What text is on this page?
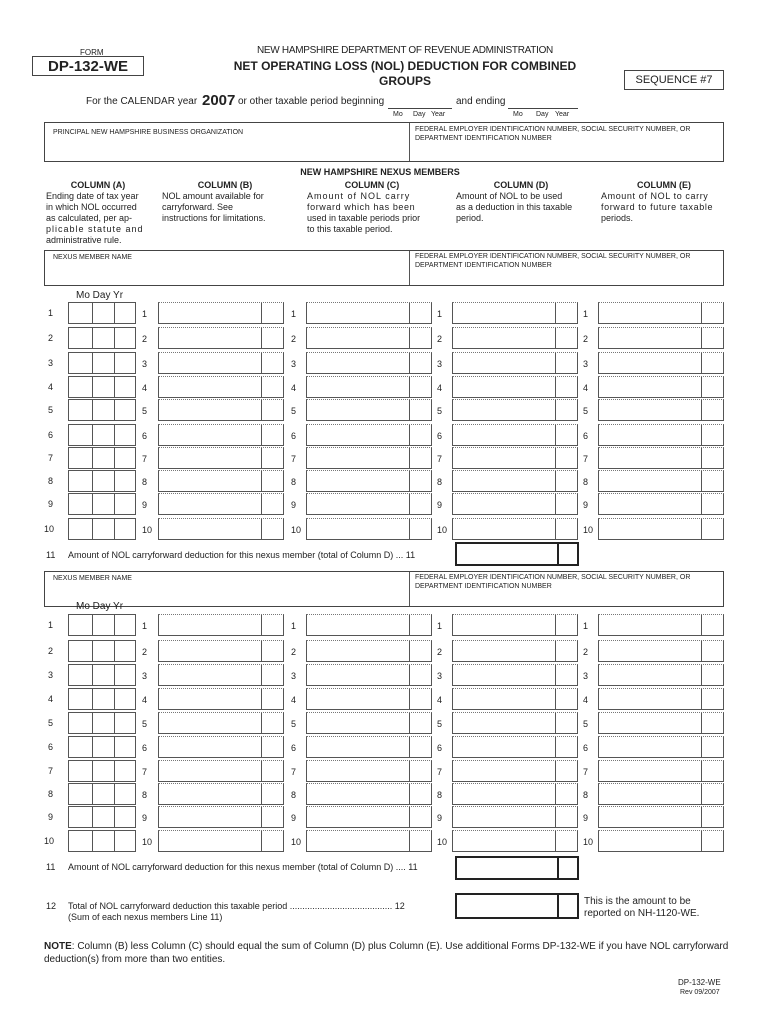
FORM
DP-132-WE
NEW HAMPSHIRE DEPARTMENT OF REVENUE ADMINISTRATION
NET OPERATING LOSS (NOL) DEDUCTION FOR COMBINED
GROUPS	SEQUENCE #7
For the CALENDAR year 2007 or other taxable period beginning	and ending
Mo Day Year	Mo Day Year
PRINCIPAL NEW HAMPSHIRE BUSINESS ORGANIZATION	FEDERAL EMPLOYER IDENTIFICATION NUMBER, SOCIAL SECURITY NUMBER, OR
DEPARTMENT IDENTIFICATION NUMBER
NEW HAMPSHIRE NEXUS MEMBERS
COLUMN (A)
Ending date of tax year
in which NOL occurred
as calculated, per ap-
plicable statute and
administrative rule.
COLUMN (B)
NOL amount available for
carryforward. See
instructions for limitations.
COLUMN (C)
Amount of NOL carry
forward which has been
used in taxable periods prior
to this taxable period.
COLUMN (D)
Amount of NOL to be used
as a deduction in this taxable
period.
COLUMN (E)
Amount of NOL to carry
forward to future taxable
periods.
NEXUS MEMBER NAME	FEDERAL EMPLOYER IDENTIFICATION NUMBER, SOCIAL SECURITY NUMBER, OR
DEPARTMENT IDENTIFICATION NUMBER
Mo Day Yr
1	1	1	1	1
2	2	2	2	2
3	3	3	3	3
4	4	4	4	4
5	5	5	5	5
6	6	6	6	6
7	7	7	7	7
8	8	8	8	8
9	9	9	9	9
10	10	10	10	10
11 Amount of NOL carryforward deduction for this nexus member (total of Column D) ... 11
NEXUS MEMBER NAME	FEDERAL EMPLOYER IDENTIFICATION NUMBER, SOCIAL SECURITY NUMBER, OR
DEPARTMENT IDENTIFICATION NUMBER
Mo Day Yr
1	1	1	1	1
2	2	2	2	2
3	3	3	3	3
4	4	4	4	4
5	5	5	5	5
6	6	6	6	6
7	7	7	7	7
8	8	8	8	8
9	9	9	9	9
10	10	10	10	10
11 Amount of NOL carryforward deduction for this nexus member (total of Column D) .... 11
12 Total of NOL carryforward deduction this taxable period ......................................... 12
(Sum of each nexus members Line 11)
This is the amount to be
reported on NH-1120-WE.
NOTE: Column (B) less Column (C) should equal the sum of Column (D) plus Column (E). Use additional Forms DP-132-WE if you have NOL carryforward
deduction(s) from more than two entities.
DP-132-WE
Rev 09/2007
